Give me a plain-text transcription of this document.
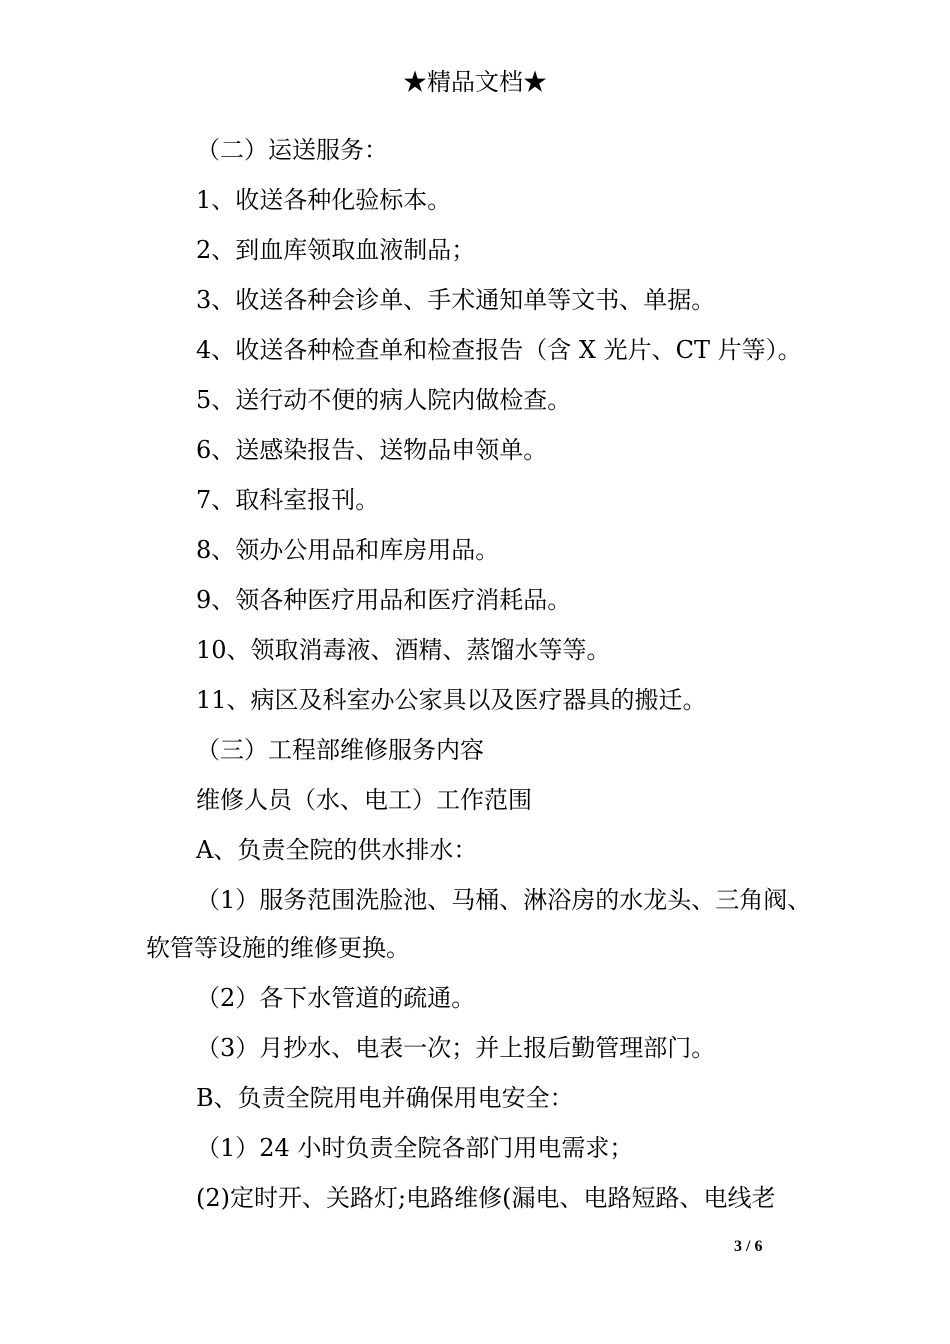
★精品文档★
（二）运送服务：
1、收送各种化验标本。
2、到血库领取血液制品；
3、收送各种会诊单、手术通知单等文书、单据。
4、收送各种检查单和检查报告（含 X 光片、CT 片等）。
5、送行动不便的病人院内做检查。
6、送感染报告、送物品申领单。
7、取科室报刊。
8、领办公用品和库房用品。
9、领各种医疗用品和医疗消耗品。
10、领取消毒液、酒精、蒸馏水等等。
11、病区及科室办公家具以及医疗器具的搬迁。
（三）工程部维修服务内容
维修人员（水、电工）工作范围
A、负责全院的供水排水：
（1）服务范围洗脸池、马桶、淋浴房的水龙头、三角阀、
软管等设施的维修更换。
（2）各下水管道的疏通。
（3）月抄水、电表一次；并上报后勤管理部门。
B、负责全院用电并确保用电安全：
（1）24 小时负责全院各部门用电需求；
(2)定时开、关路灯;电路维修(漏电、电路短路、电线老
3 / 6
